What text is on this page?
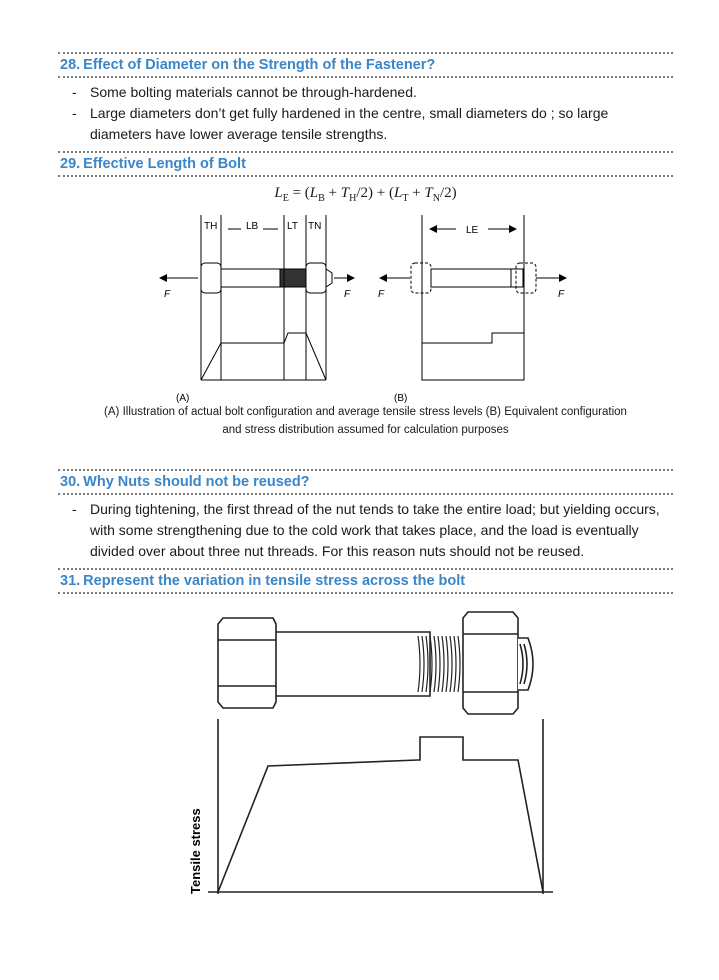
28. Effect of Diameter on the Strength of the Fastener?
- Some bolting materials cannot be through-hardened.
- Large diameters don’t get fully hardened in the centre, small diameters do ; so large diameters have lower average tensile strengths.
29. Effective Length of Bolt
$L_E = (L_B + T_H/2) + (L_T + T_N/2)$
TH	LB	LT TN	LE
F	F	F	F
(A)	(B)
(A) Illustration of actual bolt configuration and average tensile stress levels (B) Equivalent configuration and stress distribution assumed for calculation purposes
30. Why Nuts should not be reused?
- During tightening, the first thread of the nut tends to take the entire load; but yielding occurs, with some strengthening due to the cold work that takes place, and the load is eventually divided over about three nut threads. For this reason nuts should not be reused.
31. Represent the variation in tensile stress across the bolt
Tensile stress
